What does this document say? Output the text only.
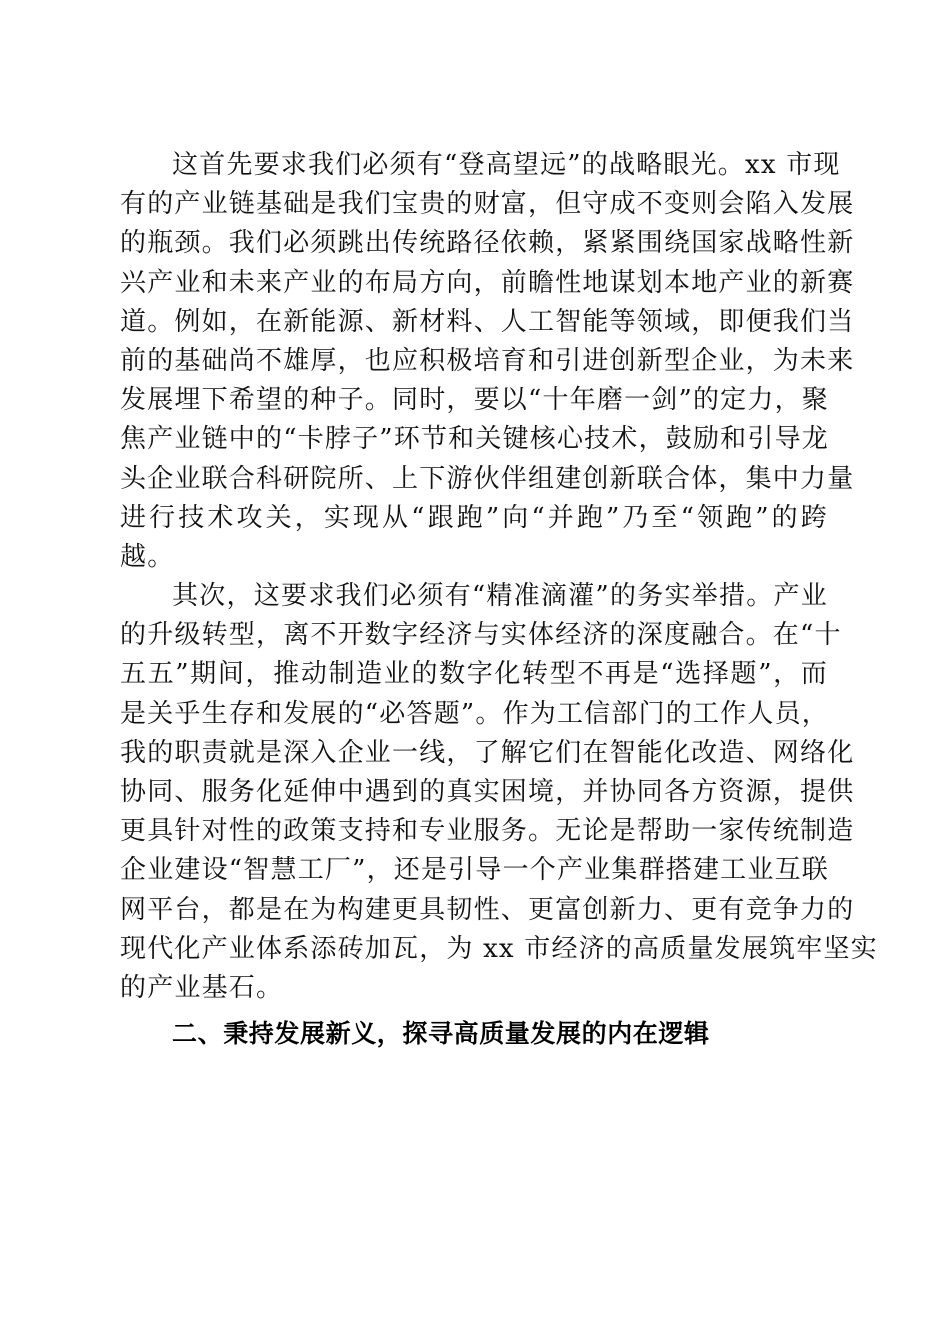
这首先要求我们必须有“登高望远”的战略眼光。xx 市现
有的产业链基础是我们宝贵的财富，但守成不变则会陷入发展
的瓶颈。我们必须跳出传统路径依赖，紧紧围绕国家战略性新
兴产业和未来产业的布局方向，前瞻性地谋划本地产业的新赛
道。例如，在新能源、新材料、人工智能等领域，即便我们当
前的基础尚不雄厚，也应积极培育和引进创新型企业，为未来
发展埋下希望的种子。同时，要以“十年磨一剑”的定力，聚
焦产业链中的“卡脖子”环节和关键核心技术，鼓励和引导龙
头企业联合科研院所、上下游伙伴组建创新联合体，集中力量
进行技术攻关，实现从“跟跑”向“并跑”乃至“领跑”的跨
越。
其次，这要求我们必须有“精准滴灌”的务实举措。产业
的升级转型，离不开数字经济与实体经济的深度融合。在“十
五五”期间，推动制造业的数字化转型不再是“选择题”，而
是关乎生存和发展的“必答题”。作为工信部门的工作人员，
我的职责就是深入企业一线，了解它们在智能化改造、网络化
协同、服务化延伸中遇到的真实困境，并协同各方资源，提供
更具针对性的政策支持和专业服务。无论是帮助一家传统制造
企业建设“智慧工厂”，还是引导一个产业集群搭建工业互联
网平台，都是在为构建更具韧性、更富创新力、更有竞争力的
现代化产业体系添砖加瓦，为 xx 市经济的高质量发展筑牢坚实
的产业基石。
二、秉持发展新义，探寻高质量发展的内在逻辑
